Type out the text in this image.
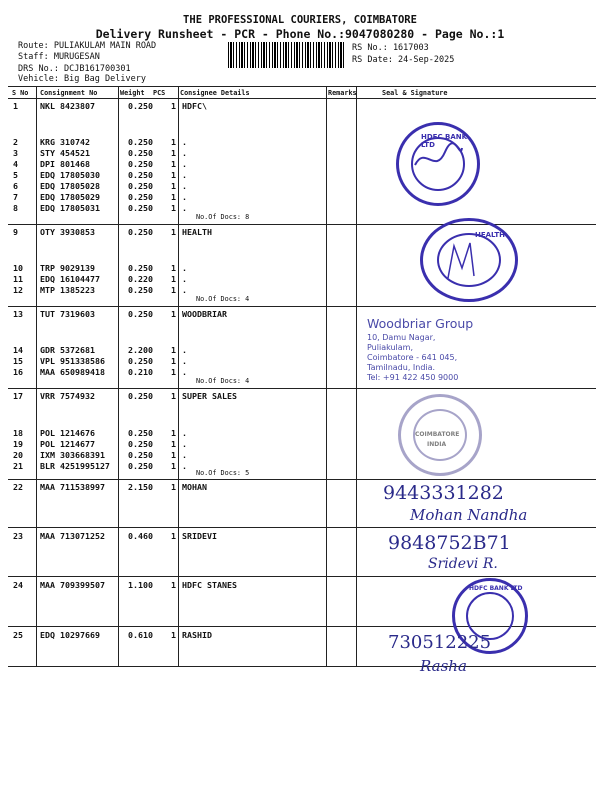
THE PROFESSIONAL COURIERS, COIMBATORE
Delivery Runsheet - PCR - Phone No.:9047080280 - Page No.:1
Route: PULIAKULAM MAIN ROAD
Staff: MURUGESAN
DRS No.: DCJB161700301
Vehicle: Big Bag Delivery
RS No.: 1617003
RS Date: 24-Sep-2025
S No Consignment No	Weight PCS Consignee Details	Remarks	Seal & Signature
1	NKL 8423807	0.250 1 HDFC\
2	KRG 310742	0.250 1 .
3	STY 454521	0.250 1 .
4	DPI 801468	0.250 1 .
5	EDQ 17805030	0.250 1 .
6	EDQ 17805028	0.250 1 .
7	EDQ 17805029	0.250 1 .
8	EDQ 17805031	0.250 1 .
9	OTY 3930853	0.250 1 HEALTH
10 TRP 9029139	0.250 1 .
11 EDQ 16104477	0.220 1 .
12 MTP 1385223	0.250 1 .
13 TUT 7319603	0.250 1 WOODBRIAR
14 GDR 5372681	2.200 1 .
15 VPL 951338586	0.250 1 .
16 MAA 650989418	0.210 1 .
17 VRR 7574932	0.250 1 SUPER SALES
18 POL 1214676	0.250 1 .
19 POL 1214677	0.250 1 .
20 IXM 303668391	0.250 1 .
21 BLR 4251995127 0.250 1 .
22 MAA 711538997	2.150 1 MOHAN
23 MAA 713071252	0.460 1 SRIDEVI
24 MAA 709399507	1.100 1 HDFC STANES
25 EDQ 10297669	0.610 1 RASHID
No.Of Docs: 8
No.Of Docs: 4
No.Of Docs: 4
No.Of Docs: 5
HDFC BANK LTD
HEALTH
Woodbriar Group
10, Damu Nagar,
Puliakulam,
Coimbatore - 641 045,
Tamilnadu, India.
Tel: +91 422 450 9000
COIMBATORE
INDIA
9443331282
Mohan Nandha
9848752B71
Sridevi R.
HDFC BANK LTD
730512225
Rasha
